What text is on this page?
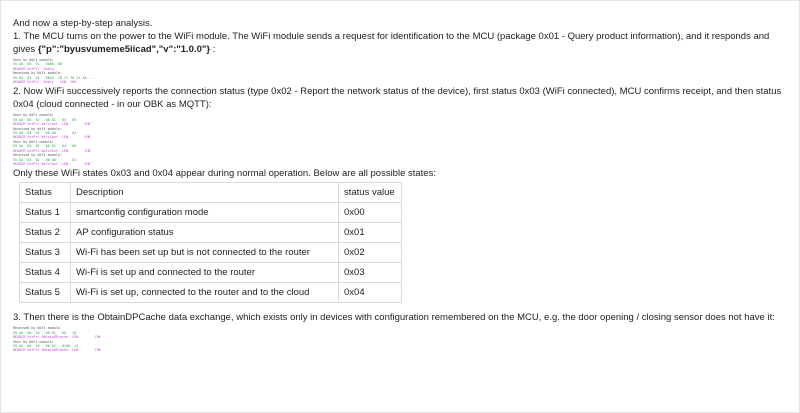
And now a step-by-step analysis.

1. The MCU turns on the power to the WiFi module. The WiFi module sends a request for identification to the MCU (package 0x01 - Query product information), and it responds and gives {"p":"byusvumeme5iicad","v":"1.0.0"} :

Sent by WiFi module:
55 AA  00  01   0000  00
HEADER VerPrl  Query
Received by WiFi module:
55 AA  03  01   002A  7B 22 70 22 3A ...
HEADER VerPrl  Query   LEN  CHK

2. Now WiFi successively reports the connection status (type 0x02 - Report the network status of the device), first status 0x03 (WiFi connected), MCU confirms receipt, and then status 0x04 (cloud connected - in our OBK as MQTT):

Sent by WiFi module:
55 AA  00  02   00 01   03   05
HEADER VerPrl WifiConf  LEN        CHK
Received by WiFi module:
55 AA  03  02   00 00        01
HEADER VerPrl WifiConf  LEN        CHK
Sent by WiFi module:
55 AA  00  02   00 01   04   06
HEADER VerPrl WifiConf  LEN        CHK
Received by WiFi module:
55 AA  03  02   00 00        01
HEADER VerPrl WifiConf  LEN        CHK

Only these WiFi states 0x03 and 0x04 appear during normal operation. Below are all possible states:

Status	Description	status value
Status 1	smartconfig configuration mode	0x00
Status 2	AP configuration status	0x01
Status 3	Wi-Fi has been set up but is not connected to the router	0x02
Status 4	Wi-Fi is set up and connected to the router	0x03
Status 5	Wi-Fi is set up, connected to the router and to the cloud	0x04

3. Then there is the ObtainDPCache data exchange, which exists only in devices with configuration remembered on the MCU, e.g. the door opening / closing sensor does not have it:

Received by WiFi module
55 AA  00  10   00 01   00   10
HEADER VerPrl ObtainDPcache  LEN        CHK
Sent by WiFi module:
55 AA  00  10   00 02   0100  12
HEADER VerPrl ObtainDPcache  LEN        CHK
